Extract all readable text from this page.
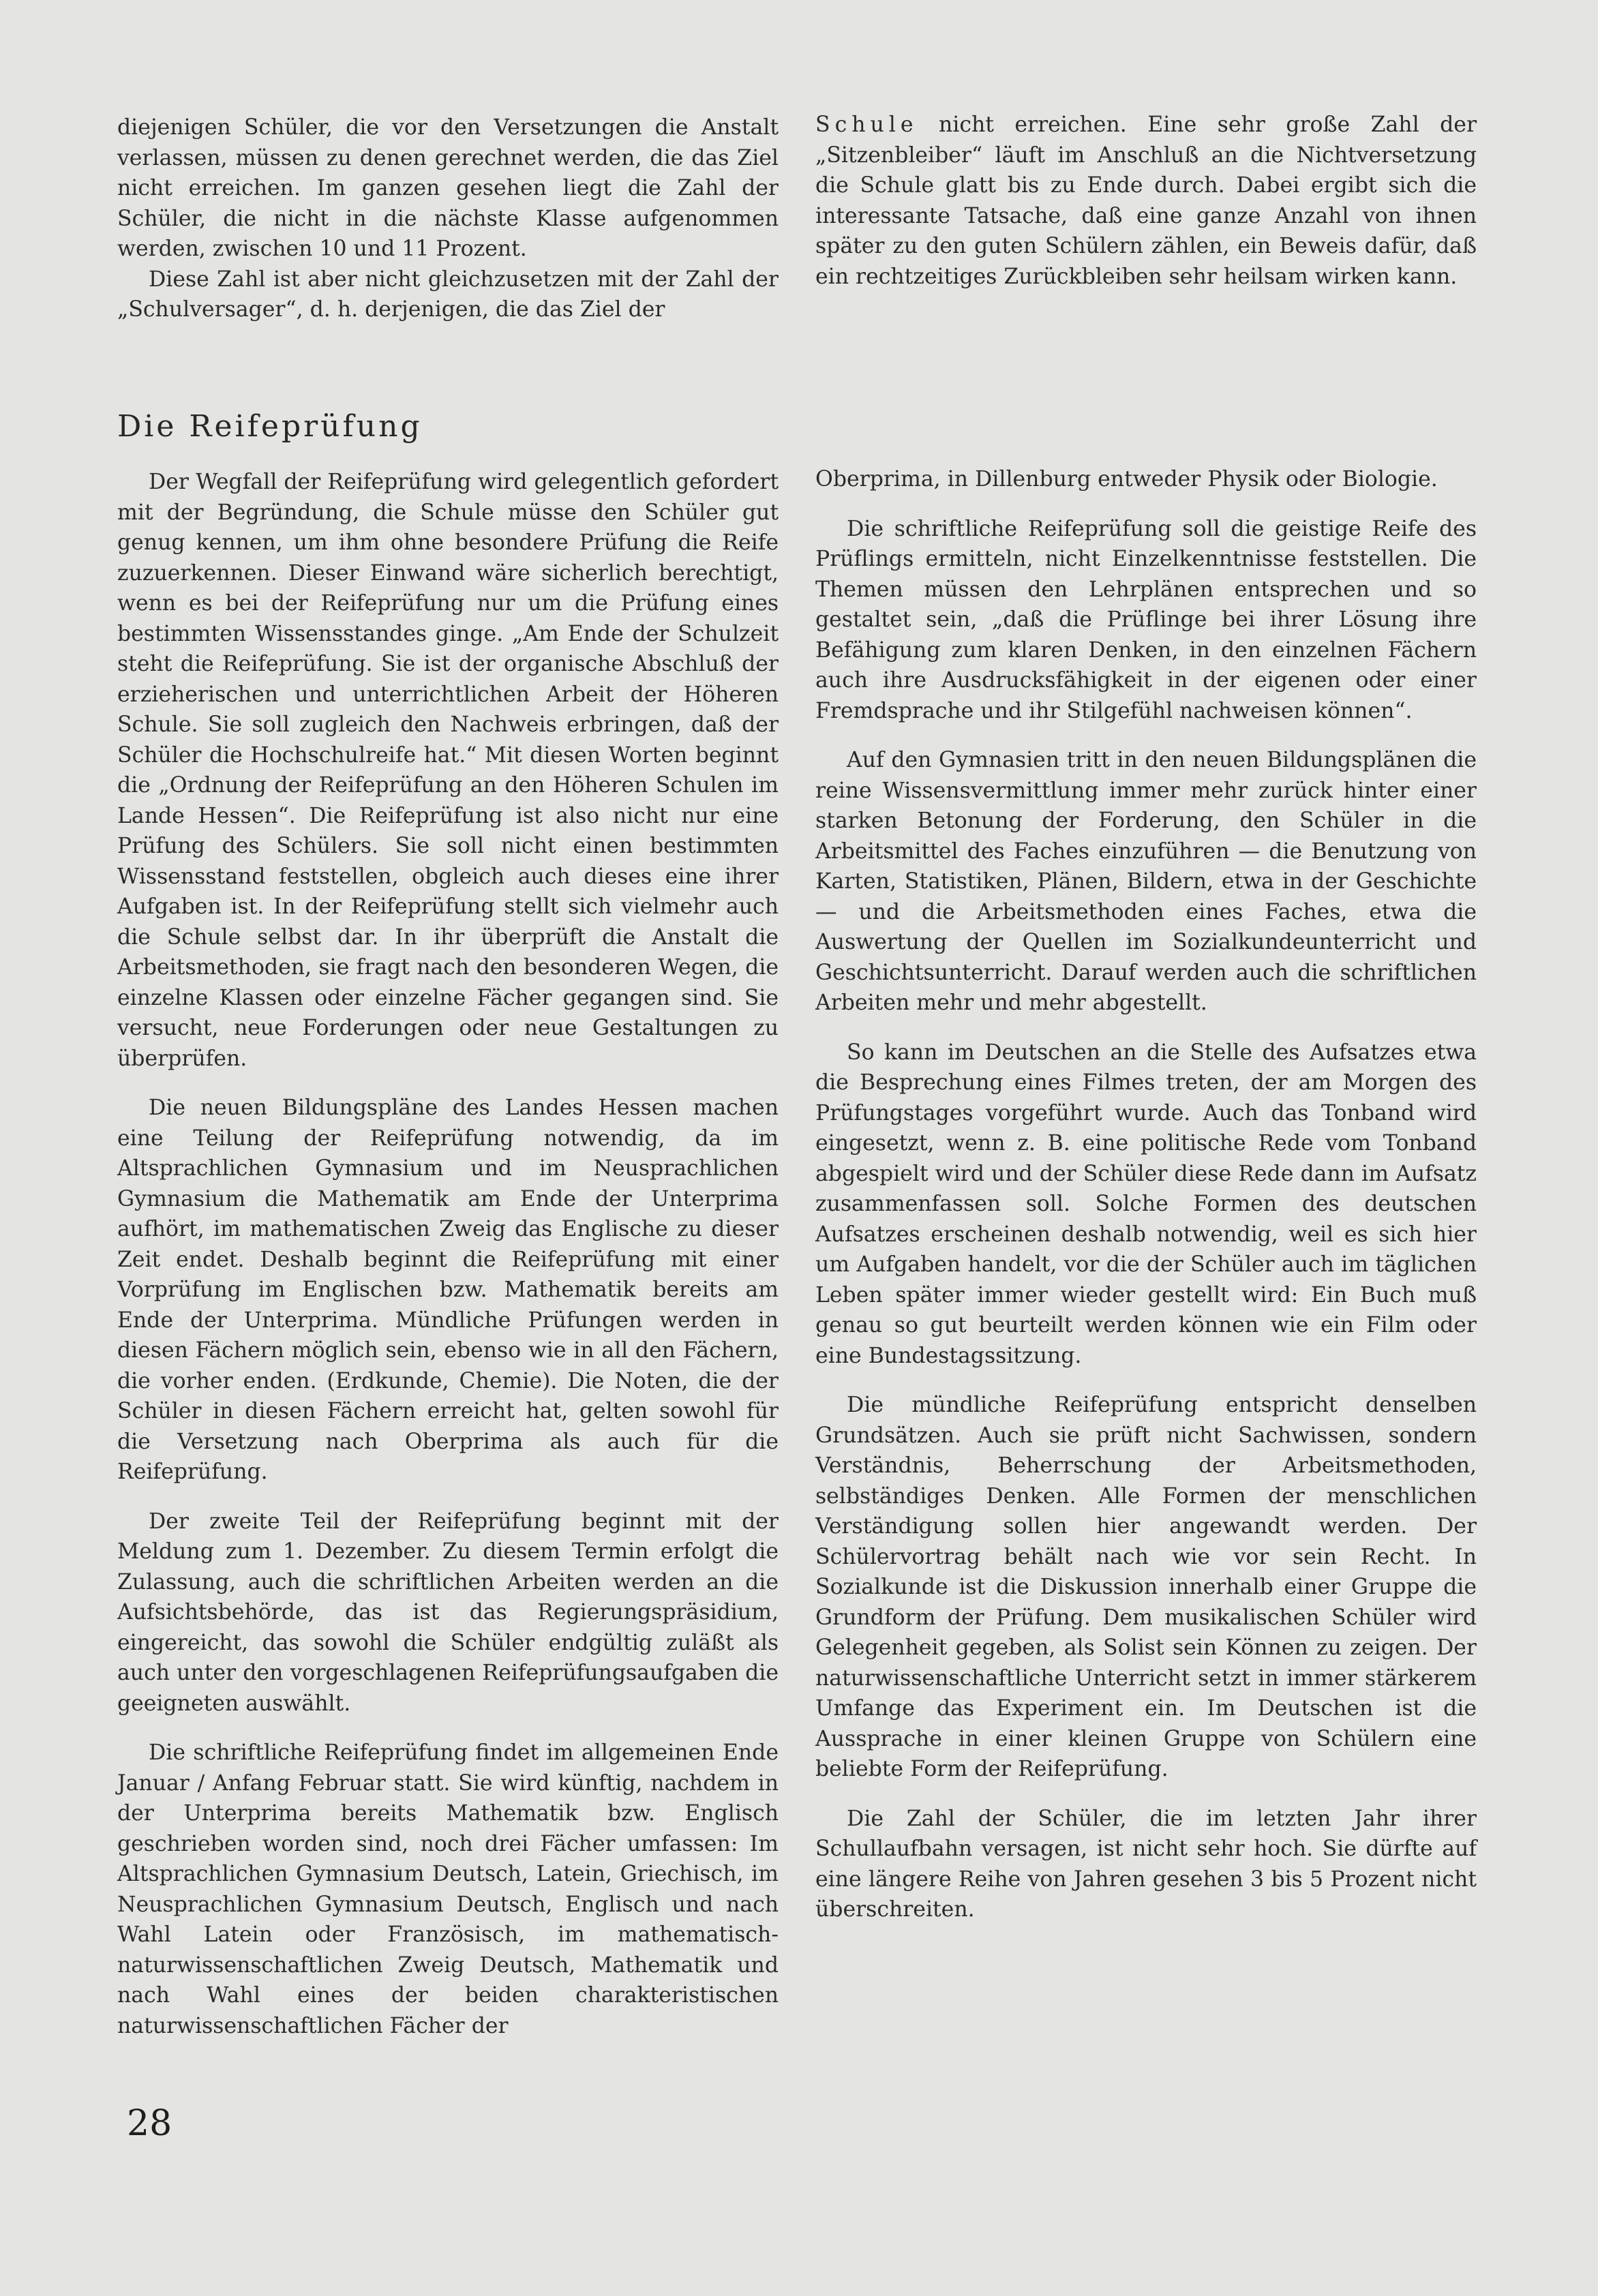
diejenigen Schüler, die vor den Versetzungen die Anstalt verlassen, müssen zu denen gerechnet werden, die das Ziel nicht erreichen. Im ganzen gesehen liegt die Zahl der Schüler, die nicht in die nächste Klasse aufgenommen werden, zwischen 10 und 11 Prozent.

Diese Zahl ist aber nicht gleichzusetzen mit der Zahl der „Schulversager“, d. h. derjenigen, die das Ziel der

Schule nicht erreichen. Eine sehr große Zahl der „Sitzenbleiber“ läuft im Anschluß an die Nichtversetzung die Schule glatt bis zu Ende durch. Dabei ergibt sich die interessante Tatsache, daß eine ganze Anzahl von ihnen später zu den guten Schülern zählen, ein Beweis dafür, daß ein rechtzeitiges Zurückbleiben sehr heilsam wirken kann.

Die Reifeprüfung

Der Wegfall der Reifeprüfung wird gelegentlich gefordert mit der Begründung, die Schule müsse den Schüler gut genug kennen, um ihm ohne besondere Prüfung die Reife zuzuerkennen. Dieser Einwand wäre sicherlich berechtigt, wenn es bei der Reifeprüfung nur um die Prüfung eines bestimmten Wissensstandes ginge. „Am Ende der Schulzeit steht die Reifeprüfung. Sie ist der organische Abschluß der erzieherischen und unterrichtlichen Arbeit der Höheren Schule. Sie soll zugleich den Nachweis erbringen, daß der Schüler die Hochschulreife hat.“ Mit diesen Worten beginnt die „Ordnung der Reifeprüfung an den Höheren Schulen im Lande Hessen“. Die Reifeprüfung ist also nicht nur eine Prüfung des Schülers. Sie soll nicht einen bestimmten Wissensstand feststellen, obgleich auch dieses eine ihrer Aufgaben ist. In der Reifeprüfung stellt sich vielmehr auch die Schule selbst dar. In ihr überprüft die Anstalt die Arbeitsmethoden, sie fragt nach den besonderen Wegen, die einzelne Klassen oder einzelne Fächer gegangen sind. Sie versucht, neue Forderungen oder neue Gestaltungen zu überprüfen.

Die neuen Bildungspläne des Landes Hessen machen eine Teilung der Reifeprüfung notwendig, da im Altsprachlichen Gymnasium und im Neusprachlichen Gymnasium die Mathematik am Ende der Unterprima aufhört, im mathematischen Zweig das Englische zu dieser Zeit endet. Deshalb beginnt die Reifeprüfung mit einer Vorprüfung im Englischen bzw. Mathematik bereits am Ende der Unterprima. Mündliche Prüfungen werden in diesen Fächern möglich sein, ebenso wie in all den Fächern, die vorher enden. (Erdkunde, Chemie). Die Noten, die der Schüler in diesen Fächern erreicht hat, gelten sowohl für die Versetzung nach Oberprima als auch für die Reifeprüfung.

Der zweite Teil der Reifeprüfung beginnt mit der Meldung zum 1. Dezember. Zu diesem Termin erfolgt die Zulassung, auch die schriftlichen Arbeiten werden an die Aufsichtsbehörde, das ist das Regierungspräsidium, eingereicht, das sowohl die Schüler endgültig zuläßt als auch unter den vorgeschlagenen Reifeprüfungsaufgaben die geeigneten auswählt.

Die schriftliche Reifeprüfung findet im allgemeinen Ende Januar / Anfang Februar statt. Sie wird künftig, nachdem in der Unterprima bereits Mathematik bzw. Englisch geschrieben worden sind, noch drei Fächer umfassen: Im Altsprachlichen Gymnasium Deutsch, Latein, Griechisch, im Neusprachlichen Gymnasium Deutsch, Englisch und nach Wahl Latein oder Französisch, im mathematisch-naturwissenschaftlichen Zweig Deutsch, Mathematik und nach Wahl eines der beiden charakteristischen naturwissenschaftlichen Fächer der

Oberprima, in Dillenburg entweder Physik oder Biologie.

Die schriftliche Reifeprüfung soll die geistige Reife des Prüflings ermitteln, nicht Einzelkenntnisse feststellen. Die Themen müssen den Lehrplänen entsprechen und so gestaltet sein, „daß die Prüflinge bei ihrer Lösung ihre Befähigung zum klaren Denken, in den einzelnen Fächern auch ihre Ausdrucksfähigkeit in der eigenen oder einer Fremdsprache und ihr Stilgefühl nachweisen können“.

Auf den Gymnasien tritt in den neuen Bildungsplänen die reine Wissensvermittlung immer mehr zurück hinter einer starken Betonung der Forderung, den Schüler in die Arbeitsmittel des Faches einzuführen — die Benutzung von Karten, Statistiken, Plänen, Bildern, etwa in der Geschichte — und die Arbeitsmethoden eines Faches, etwa die Auswertung der Quellen im Sozialkundeunterricht und Geschichtsunterricht. Darauf werden auch die schriftlichen Arbeiten mehr und mehr abgestellt.

So kann im Deutschen an die Stelle des Aufsatzes etwa die Besprechung eines Filmes treten, der am Morgen des Prüfungstages vorgeführt wurde. Auch das Tonband wird eingesetzt, wenn z. B. eine politische Rede vom Tonband abgespielt wird und der Schüler diese Rede dann im Aufsatz zusammenfassen soll. Solche Formen des deutschen Aufsatzes erscheinen deshalb notwendig, weil es sich hier um Aufgaben handelt, vor die der Schüler auch im täglichen Leben später immer wieder gestellt wird: Ein Buch muß genau so gut beurteilt werden können wie ein Film oder eine Bundestagssitzung.

Die mündliche Reifeprüfung entspricht denselben Grundsätzen. Auch sie prüft nicht Sachwissen, sondern Verständnis, Beherrschung der Arbeitsmethoden, selbständiges Denken. Alle Formen der menschlichen Verständigung sollen hier angewandt werden. Der Schülervortrag behält nach wie vor sein Recht. In Sozialkunde ist die Diskussion innerhalb einer Gruppe die Grundform der Prüfung. Dem musikalischen Schüler wird Gelegenheit gegeben, als Solist sein Können zu zeigen. Der naturwissenschaftliche Unterricht setzt in immer stärkerem Umfange das Experiment ein. Im Deutschen ist die Aussprache in einer kleinen Gruppe von Schülern eine beliebte Form der Reifeprüfung.

Die Zahl der Schüler, die im letzten Jahr ihrer Schullaufbahn versagen, ist nicht sehr hoch. Sie dürfte auf eine längere Reihe von Jahren gesehen 3 bis 5 Prozent nicht überschreiten.

28
